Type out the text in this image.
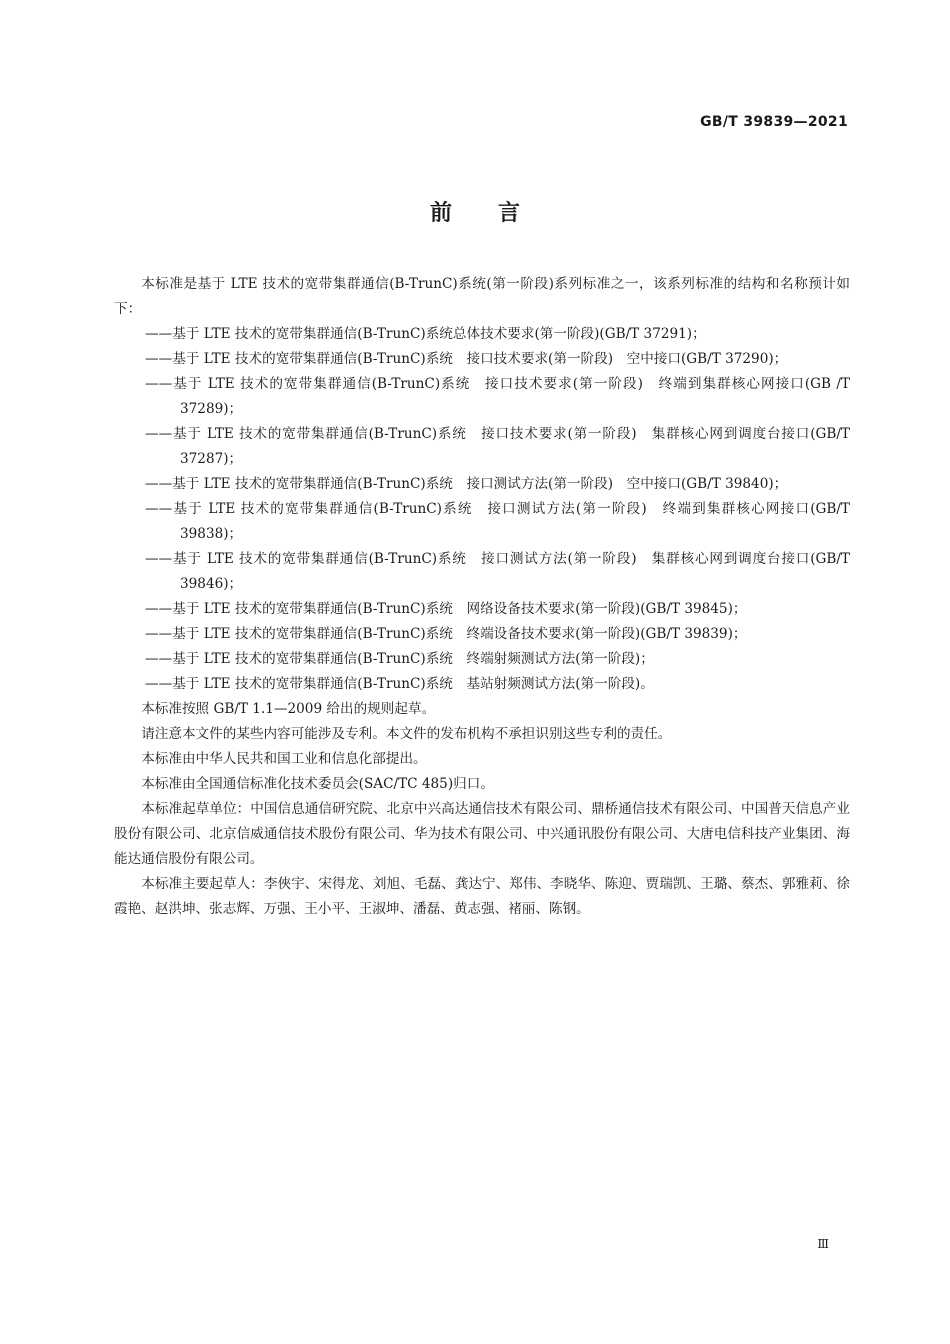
GB/T 39839—2021
前言

本标准是基于 LTE 技术的宽带集群通信(B-TrunC)系统(第一阶段)系列标准之一，该系列标准的结构和名称预计如下：

——基于 LTE 技术的宽带集群通信(B-TrunC)系统总体技术要求(第一阶段)(GB/T 37291)；

——基于 LTE 技术的宽带集群通信(B-TrunC)系统　接口技术要求(第一阶段)　空中接口(GB/T 37290)；

——基于 LTE 技术的宽带集群通信(B-TrunC)系统　接口技术要求(第一阶段)　终端到集群核心网接口(GB /T 37289)；

——基于 LTE 技术的宽带集群通信(B-TrunC)系统　接口技术要求(第一阶段)　集群核心网到调度台接口(GB/T 37287)；

——基于 LTE 技术的宽带集群通信(B-TrunC)系统　接口测试方法(第一阶段)　空中接口(GB/T 39840)；

——基于 LTE 技术的宽带集群通信(B-TrunC)系统　接口测试方法(第一阶段)　终端到集群核心网接口(GB/T 39838)；

——基于 LTE 技术的宽带集群通信(B-TrunC)系统　接口测试方法(第一阶段)　集群核心网到调度台接口(GB/T 39846)；

——基于 LTE 技术的宽带集群通信(B-TrunC)系统　网络设备技术要求(第一阶段)(GB/T 39845)；

——基于 LTE 技术的宽带集群通信(B-TrunC)系统　终端设备技术要求(第一阶段)(GB/T 39839)；

——基于 LTE 技术的宽带集群通信(B-TrunC)系统　终端射频测试方法(第一阶段)；

——基于 LTE 技术的宽带集群通信(B-TrunC)系统　基站射频测试方法(第一阶段)。

本标准按照 GB/T 1.1—2009 给出的规则起草。

请注意本文件的某些内容可能涉及专利。本文件的发布机构不承担识别这些专利的责任。

本标准由中华人民共和国工业和信息化部提出。

本标准由全国通信标准化技术委员会(SAC/TC 485)归口。

本标准起草单位：中国信息通信研究院、北京中兴高达通信技术有限公司、鼎桥通信技术有限公司、中国普天信息产业股份有限公司、北京信威通信技术股份有限公司、华为技术有限公司、中兴通讯股份有限公司、大唐电信科技产业集团、海能达通信股份有限公司。

本标准主要起草人：李俠宇、宋得龙、刘旭、毛磊、龚达宁、郑伟、李晓华、陈迎、贾瑞凯、王璐、蔡杰、郭雅莉、徐霞艳、赵洪坤、张志辉、万强、王小平、王淑坤、潘磊、黄志强、褚丽、陈钢。

Ⅲ
